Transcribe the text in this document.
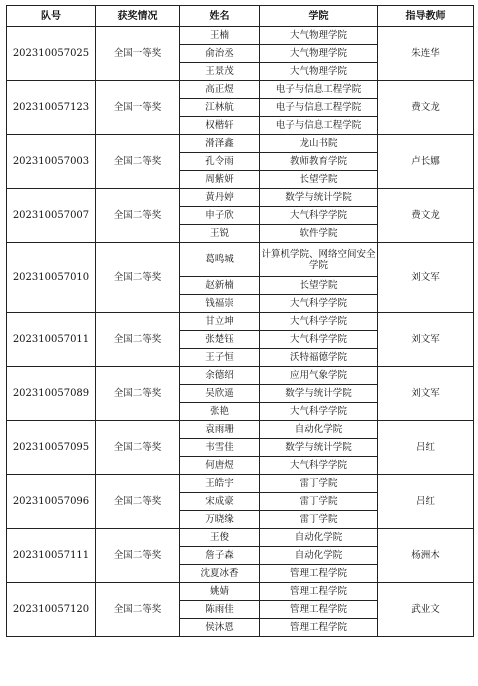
队号	获奖情况	姓名	学院	指导教师
202310057025	全国一等奖	王楠	大气物理学院	朱连华
		俞治丞	大气物理学院	
		王景茂	大气物理学院	
202310057123	全国一等奖	高正煜	电子与信息工程学院	费文龙
		江林航	电子与信息工程学院	
		权楷轩	电子与信息工程学院	
202310057003	全国二等奖	滑泽鑫	龙山书院	卢长娜
		孔令雨	教师教育学院	
		周紫妍	长望学院	
202310057007	全国二等奖	黄丹婷	数学与统计学院	费文龙
		申子欣	大气科学学院	
		王锐	软件学院	
202310057010	全国二等奖	葛鸣城	计算机学院、网络空间安全学院	刘文军
		赵新楠	长望学院	
		钱福崇	大气科学学院	
202310057011	全国二等奖	甘立坤	大气科学学院	刘文军
		张楚钰	大气科学学院	
		王子恒	沃特福德学院	
202310057089	全国二等奖	余德绍	应用气象学院	刘文军
		吴欣遥	数学与统计学院	
		张艳	大气科学学院	
202310057095	全国二等奖	袁雨珊	自动化学院	吕红
		韦雪佳	数学与统计学院	
		何唐煜	大气科学学院	
202310057096	全国二等奖	王皓宇	雷丁学院	吕红
		宋成豪	雷丁学院	
		万晓缘	雷丁学院	
202310057111	全国二等奖	王俊	自动化学院	杨洲木
		詹子森	自动化学院	
		沈夏冰香	管理工程学院	
202310057120	全国二等奖	姚婧	管理工程学院	武业文
		陈雨佳	管理工程学院	
		侯沐恩	管理工程学院	
